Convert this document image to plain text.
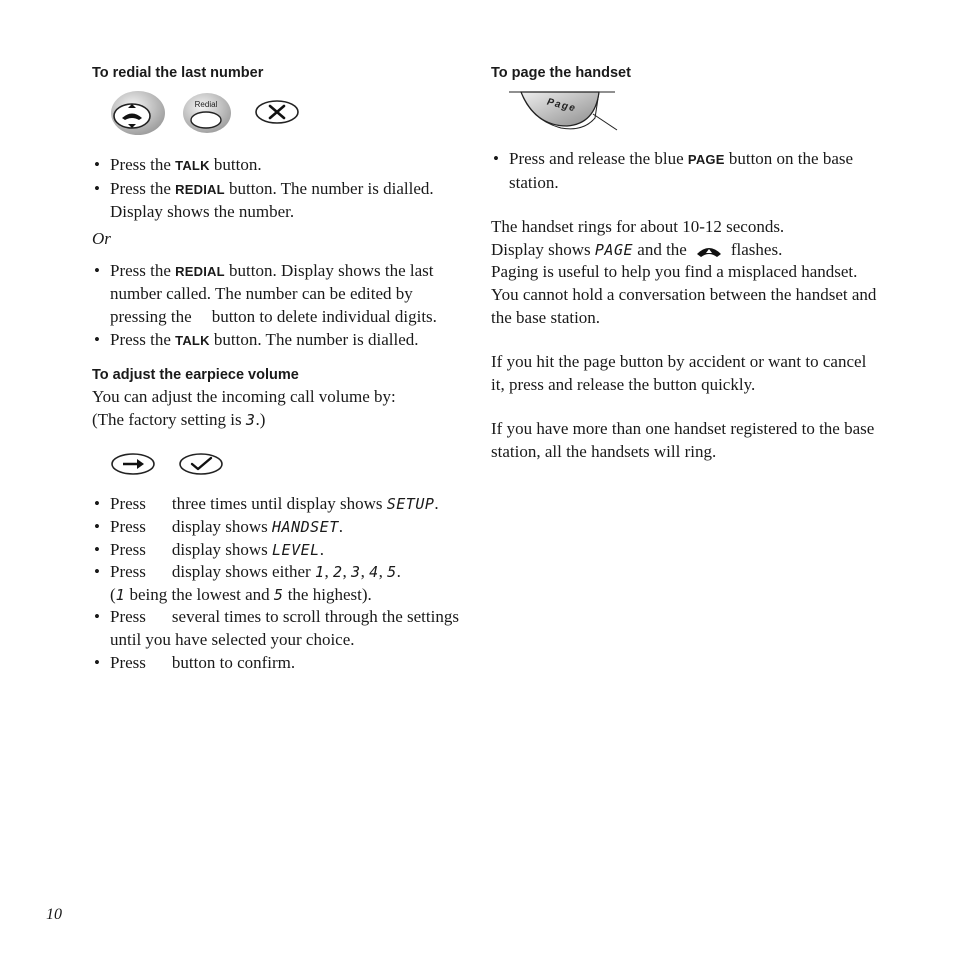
To redial the last number
Redial
• Press the TALK button.
• Press the REDIAL button. The number is dialled. Display shows the number.
Or
• Press the REDIAL button. Display shows the last number called. The number can be edited by pressing the button to delete individual digits.
• Press the TALK button. The number is dialled.
To adjust the earpiece volume
You can adjust the incoming call volume by:
(The factory setting is 3.)
• Press three times until display shows SETUP.
• Press display shows HANDSET.
• Press display shows LEVEL.
• Press display shows either 1, 2, 3, 4, 5.
(1 being the lowest and 5 the highest).
• Press several times to scroll through the settings until you have selected your choice.
• Press button to confirm.
To page the handset
Page
• Press and release the blue PAGE button on the base station.
The handset rings for about 10-12 seconds.
Display shows PAGE and the	flashes.
Paging is useful to help you find a misplaced handset. You cannot hold a conversation between the handset and the base station.
If you hit the page button by accident or want to cancel it, press and release the button quickly.
If you have more than one handset registered to the base station, all the handsets will ring.
10
